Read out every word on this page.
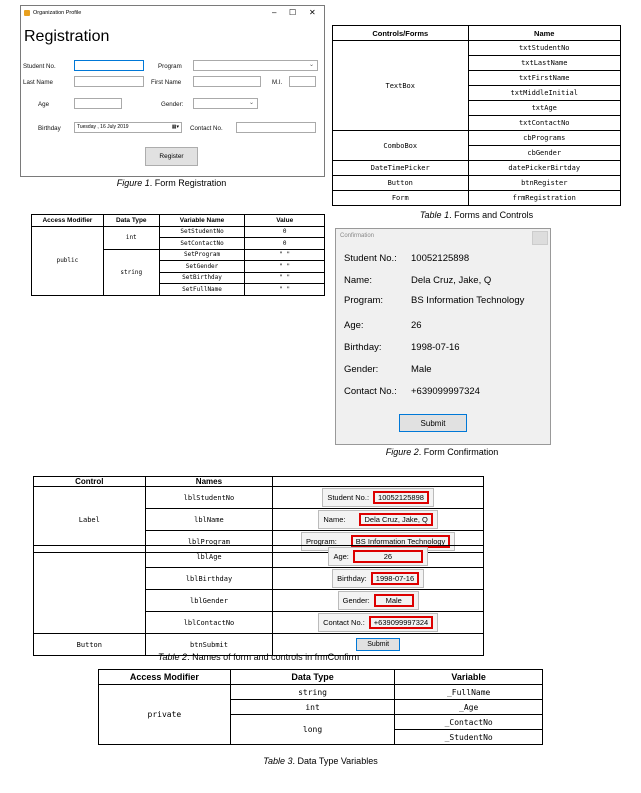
Organization Profile	– ☐ ✕
Registration
Student No.	Program	⌄
Last Name	First Name	M.I.
Age	Gender:	⌄
Birthday	Tuesday , 16 July 2019	▦▾ Contact No.
Register
Figure 1. Form Registration
Controls/Forms	Name
TextBox	txtStudentNo
	txtLastName
	txtFirstName
	txtMiddleInitial
	txtAge
	txtContactNo
ComboBox	cbPrograms
	cbGender
DateTimePicker	datePickerBirtday
Button	btnRegister
Form	frmRegistration
Table 1. Forms and Controls
Access Modifier	Data Type	Variable Name	Value
public	int	SetStudentNo	0
		SetContactNo	0
	string	SetProgram	" "
		SetGender	" "
		SetBirthday	" "
		SetFullName	" "
Confirmation
Student No.: 10052125898
Name:	Dela Cruz, Jake, Q
Program:	BS Information Technology
Age:	26
Birthday:	1998-07-16
Gender:	Male
Contact No.: +639099997324
Submit
Figure 2. Form Confirmation
Control	Names	
Label	lblStudentNo	Student No.: 10052125898
	lblName	Name: Dela Cruz, Jake, Q
	lblProgram	Program: BS Information Technology
	lblAge	Age: 26
	lblBirthday	Birthday: 1998-07-16
	lblGender	Gender: Male
	lblContactNo	Contact No.: +639099997324
Button	btnSubmit	Submit
Table 2. Names of form and controls in frmConfirm
Access Modifier	Data Type	Variable
private	string	_FullName
	int	_Age
	long	_ContactNo
		_StudentNo
Table 3. Data Type Variables
